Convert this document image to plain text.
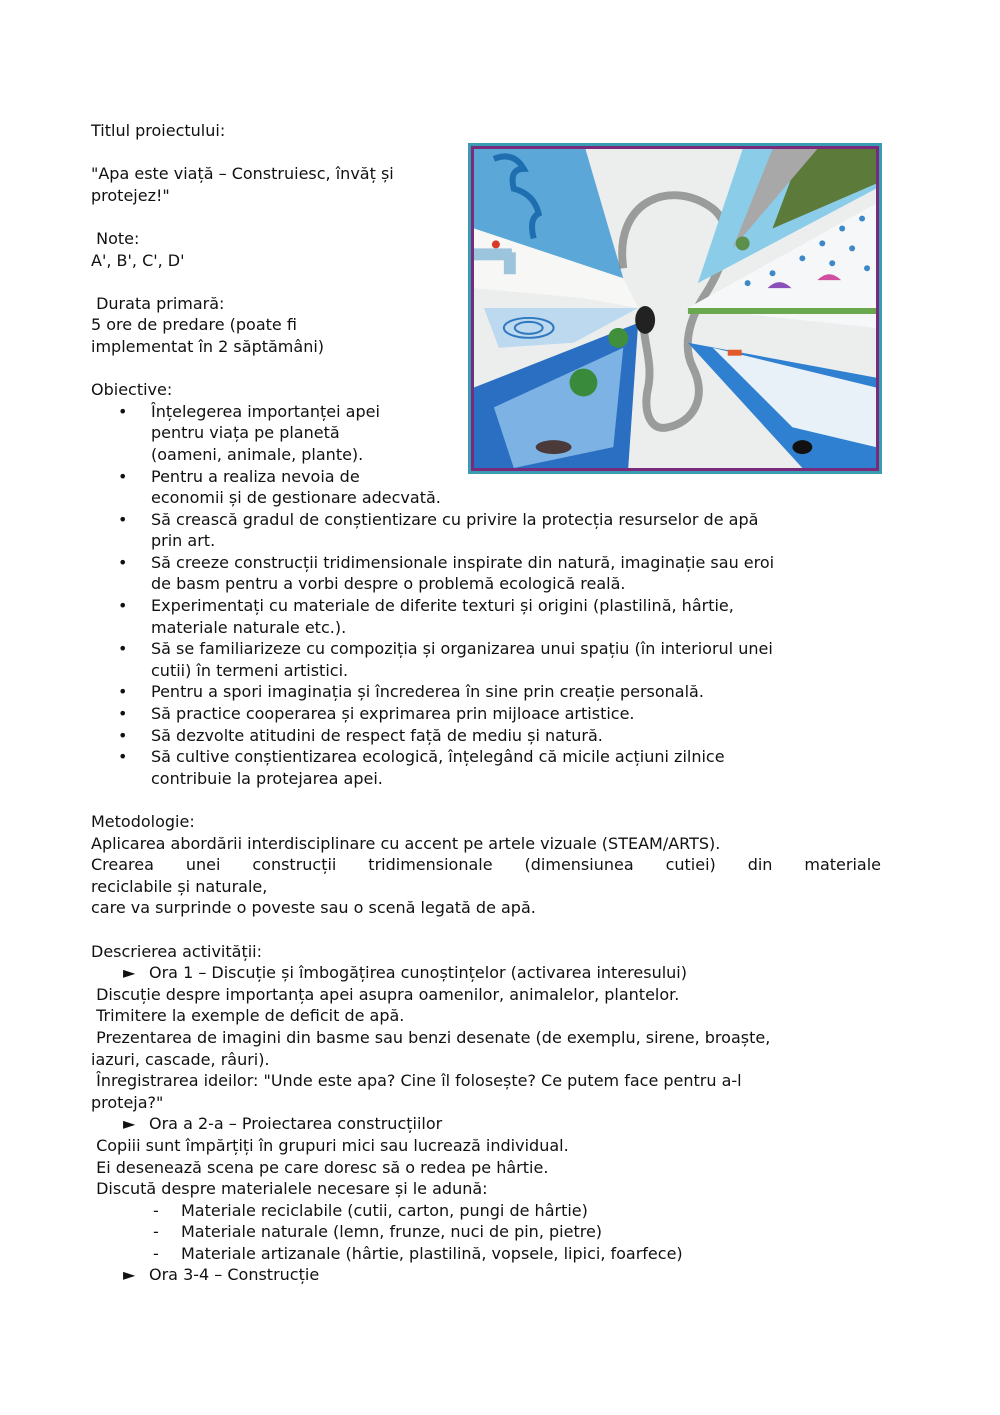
Titlul proiectului:
"Apa este viață – Construiesc, învăț și
protejez!"
Note:
A', B', C', D'
Durata primară:
5 ore de predare (poate fi
implementat în 2 săptămâni)
Obiective:
• Înțelegerea importanței apei
pentru viața pe planetă
(oameni, animale, plante).
• Pentru a realiza nevoia de
economii și de gestionare adecvată.
• Să crească gradul de conștientizare cu privire la protecția resurselor de apă
prin art.
• Să creeze construcții tridimensionale inspirate din natură, imaginație sau eroi
de basm pentru a vorbi despre o problemă ecologică reală.
• Experimentați cu materiale de diferite texturi și origini (plastilină, hârtie,
materiale naturale etc.).
• Să se familiarizeze cu compoziția și organizarea unui spațiu (în interiorul unei
cutii) în termeni artistici.
• Pentru a spori imaginația și încrederea în sine prin creație personală.
• Să practice cooperarea și exprimarea prin mijloace artistice.
• Să dezvolte atitudini de respect față de mediu și natură.
• Să cultive conștientizarea ecologică, înțelegând că micile acțiuni zilnice
contribuie la protejarea apei.
Metodologie:
Aplicarea abordării interdisciplinare cu accent pe artele vizuale (STEAM/ARTS).
Crearea unei construcții tridimensionale (dimensiunea cutiei) din materiale
reciclabile și naturale,
care va surprinde o poveste sau o scenă legată de apă.
Descrierea activității:
► Ora 1 – Discuție și îmbogățirea cunoștințelor (activarea interesului)
Discuție despre importanța apei asupra oamenilor, animalelor, plantelor.
Trimitere la exemple de deficit de apă.
Prezentarea de imagini din basme sau benzi desenate (de exemplu, sirene, broaște,
iazuri, cascade, râuri).
Înregistrarea ideilor: "Unde este apa? Cine îl folosește? Ce putem face pentru a-l
proteja?"
► Ora a 2-a – Proiectarea construcțiilor
Copiii sunt împărțiți în grupuri mici sau lucrează individual.
Ei desenează scena pe care doresc să o redea pe hârtie.
Discută despre materialele necesare și le adună:
-	Materiale reciclabile (cutii, carton, pungi de hârtie)
-	Materiale naturale (lemn, frunze, nuci de pin, pietre)
-	Materiale artizanale (hârtie, plastilină, vopsele, lipici, foarfece)
► Ora 3-4 – Construcție
